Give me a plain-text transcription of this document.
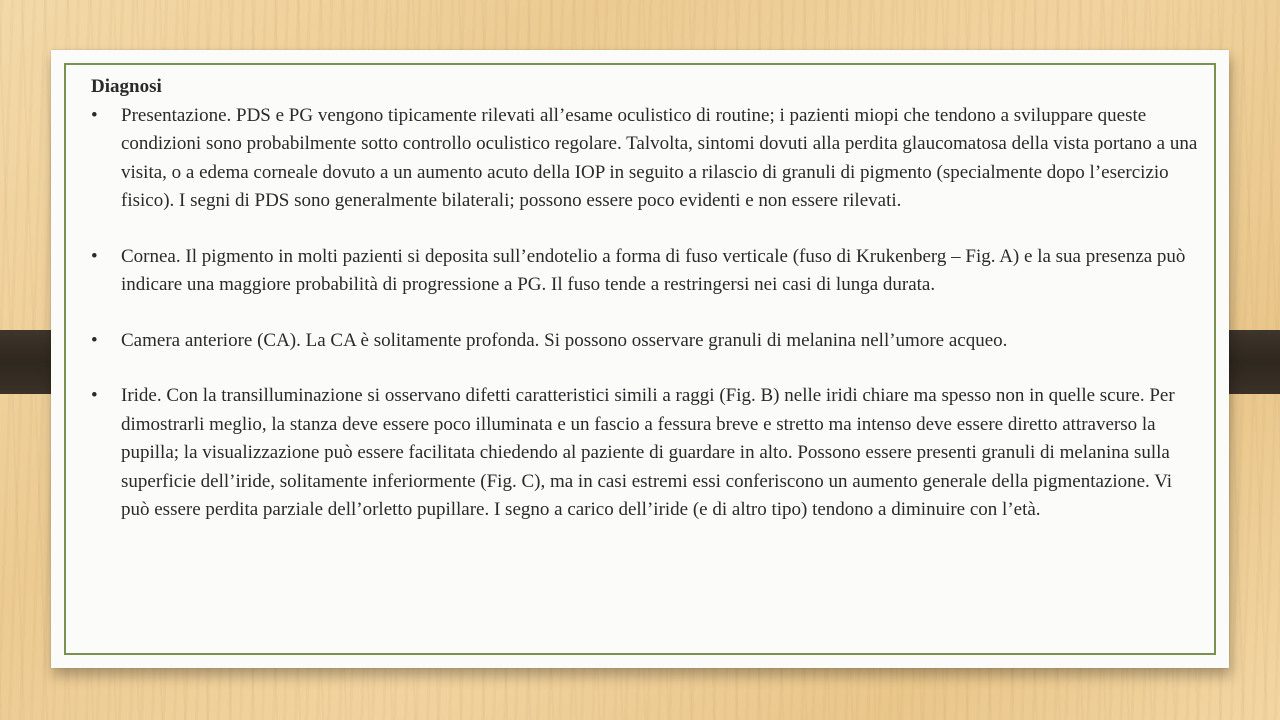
Diagnosi

• Presentazione. PDS e PG vengono tipicamente rilevati all’esame oculistico di routine; i pazienti miopi che tendono a sviluppare queste condizioni sono probabilmente sotto controllo oculistico regolare. Talvolta, sintomi dovuti alla perdita glaucomatosa della vista portano a una visita, o a edema corneale dovuto a un aumento acuto della IOP in seguito a rilascio di granuli di pigmento (specialmente dopo l’esercizio fisico). I segni di PDS sono generalmente bilaterali; possono essere poco evidenti e non essere rilevati.
• Cornea. Il pigmento in molti pazienti si deposita sull’endotelio a forma di fuso verticale (fuso di Krukenberg – Fig. A) e la sua presenza può indicare una maggiore probabilità di progressione a PG. Il fuso tende a restringersi nei casi di lunga durata.
• Camera anteriore (CA). La CA è solitamente profonda. Si possono osservare granuli di melanina nell’umore acqueo.
• Iride. Con la transilluminazione si osservano difetti caratteristici simili a raggi (Fig. B) nelle iridi chiare ma spesso non in quelle scure. Per dimostrarli meglio, la stanza deve essere poco illuminata e un fascio a fessura breve e stretto ma intenso deve essere diretto attraverso la pupilla; la visualizzazione può essere facilitata chiedendo al paziente di guardare in alto. Possono essere presenti granuli di melanina sulla superficie dell’iride, solitamente inferiormente (Fig. C), ma in casi estremi essi conferiscono un aumento generale della pigmentazione. Vi può essere perdita parziale dell’orletto pupillare. I segno a carico dell’iride (e di altro tipo) tendono a diminuire con l’età.
